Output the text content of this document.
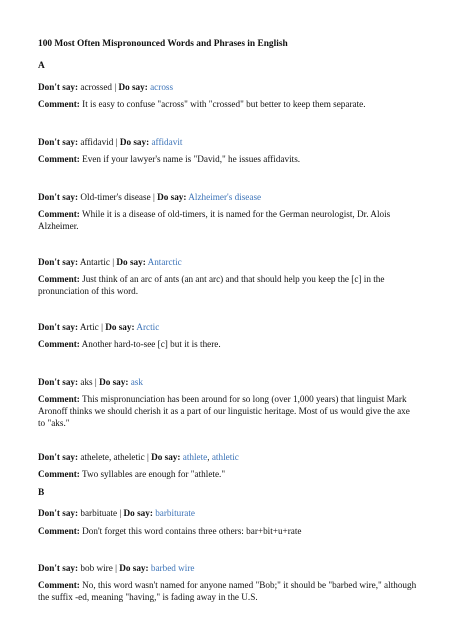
100 Most Often Mispronounced Words and Phrases in English

A

Don't say: acrossed | Do say: across

Comment: It is easy to confuse "across" with "crossed" but better to keep them separate.

Don't say: affidavid | Do say: affidavit

Comment: Even if your lawyer's name is "David," he issues affidavits.

Don't say: Old-timer's disease | Do say: Alzheimer's disease

Comment: While it is a disease of old-timers, it is named for the German neurologist, Dr. Alois Alzheimer.

Don't say: Antartic | Do say: Antarctic

Comment: Just think of an arc of ants (an ant arc) and that should help you keep the [c] in the pronunciation of this word.

Don't say: Artic | Do say: Arctic

Comment: Another hard-to-see [c] but it is there.

Don't say: aks | Do say: ask

Comment: This mispronunciation has been around for so long (over 1,000 years) that linguist Mark Aronoff thinks we should cherish it as a part of our linguistic heritage. Most of us would give the axe to "aks."

Don't say: athelete, atheletic | Do say: athlete, athletic

Comment: Two syllables are enough for "athlete."

B

Don't say: barbituate | Do say: barbiturate

Comment: Don't forget this word contains three others: bar+bit+u+rate

Don't say: bob wire | Do say: barbed wire

Comment: No, this word wasn't named for anyone named "Bob;" it should be "barbed wire," although the suffix -ed, meaning "having," is fading away in the U.S.
